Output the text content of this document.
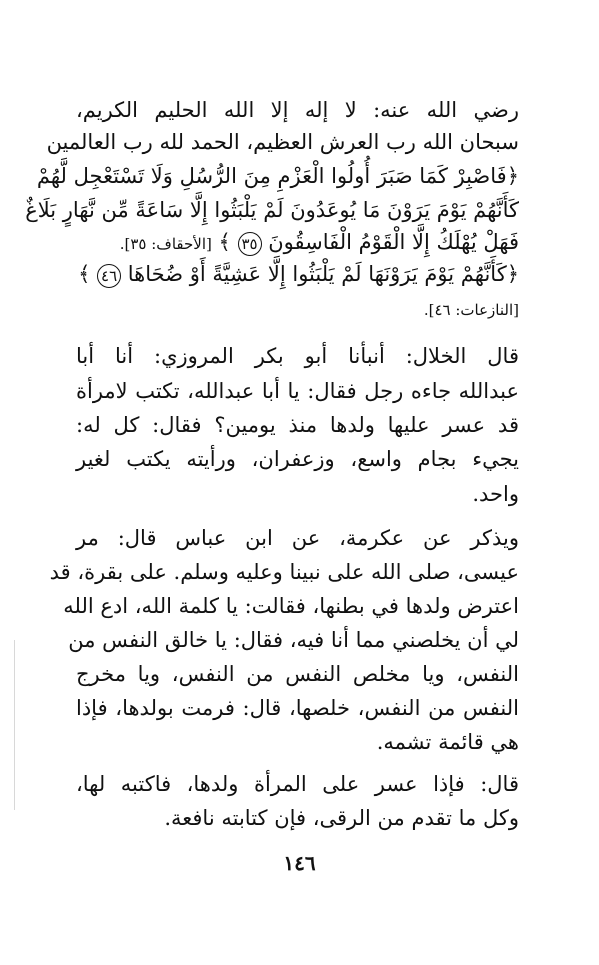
رضي الله عنه: لا إله إلا الله الحليم الكريم،
سبحان الله رب العرش العظيم، الحمد لله رب العالمين
﴿فَاصْبِرْ كَمَا صَبَرَ أُولُوا الْعَزْمِ مِنَ الرُّسُلِ وَلَا تَسْتَعْجِل لَّهُمْ
كَأَنَّهُمْ يَوْمَ يَرَوْنَ مَا يُوعَدُونَ لَمْ يَلْبَثُوا إِلَّا سَاعَةً مِّن نَّهَارٍ بَلَاغٌ
فَهَلْ يُهْلَكُ إِلَّا الْقَوْمُ الْفَاسِقُونَ ٣٥ ﴾ [الأحقاف: ٣٥].
﴿كَأَنَّهُمْ يَوْمَ يَرَوْنَهَا لَمْ يَلْبَثُوا إِلَّا عَشِيَّةً أَوْ ضُحَاهَا ٤٦ ﴾
[النازعات: ٤٦].
قال الخلال: أنبأنا أبو بكر المروزي: أنا أبا
عبدالله جاءه رجل فقال: يا أبا عبدالله، تكتب لامرأة
قد عسر عليها ولدها منذ يومين؟ فقال: كل له:
يجيء بجام واسع، وزعفران، ورأيته يكتب لغير
واحد.
ويذكر عن عكرمة، عن ابن عباس قال: مر
عيسى، صلى الله على نبينا وعليه وسلم. على بقرة، قد
اعترض ولدها في بطنها، فقالت: يا كلمة الله، ادع الله
لي أن يخلصني مما أنا فيه، فقال: يا خالق النفس من
النفس، ويا مخلص النفس من النفس، ويا مخرج
النفس من النفس، خلصها، قال: فرمت بولدها، فإذا
هي قائمة تشمه.
قال: فإذا عسر على المرأة ولدها، فاكتبه لها،
وكل ما تقدم من الرقى، فإن كتابته نافعة.
١٤٦
